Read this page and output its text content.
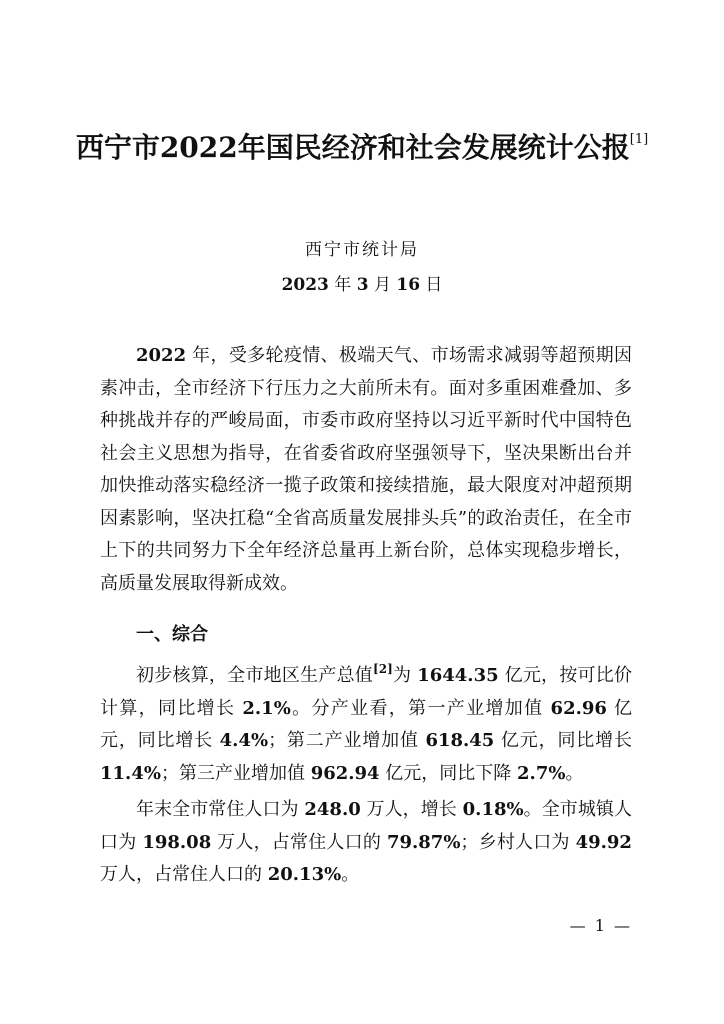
西宁市2022年国民经济和社会发展统计公报[1]
西宁市统计局
2023 年 3 月 16 日

2022 年，受多轮疫情、极端天气、市场需求减弱等超预期因素冲击，全市经济下行压力之大前所未有。面对多重困难叠加、多种挑战并存的严峻局面，市委市政府坚持以习近平新时代中国特色社会主义思想为指导，在省委省政府坚强领导下，坚决果断出台并加快推动落实稳经济一揽子政策和接续措施，最大限度对冲超预期因素影响，坚决扛稳“全省高质量发展排头兵”的政治责任，在全市上下的共同努力下全年经济总量再上新台阶，总体实现稳步增长，高质量发展取得新成效。

一、综合

初步核算，全市地区生产总值[2]为 1644.35 亿元，按可比价计算，同比增长 2.1%。分产业看，第一产业增加值 62.96 亿元，同比增长 4.4%；第二产业增加值 618.45 亿元，同比增长 11.4%；第三产业增加值 962.94 亿元，同比下降 2.7%。

年末全市常住人口为 248.0 万人，增长 0.18%。全市城镇人口为 198.08 万人，占常住人口的 79.87%；乡村人口为 49.92 万人，占常住人口的 20.13%。

— 1 —
